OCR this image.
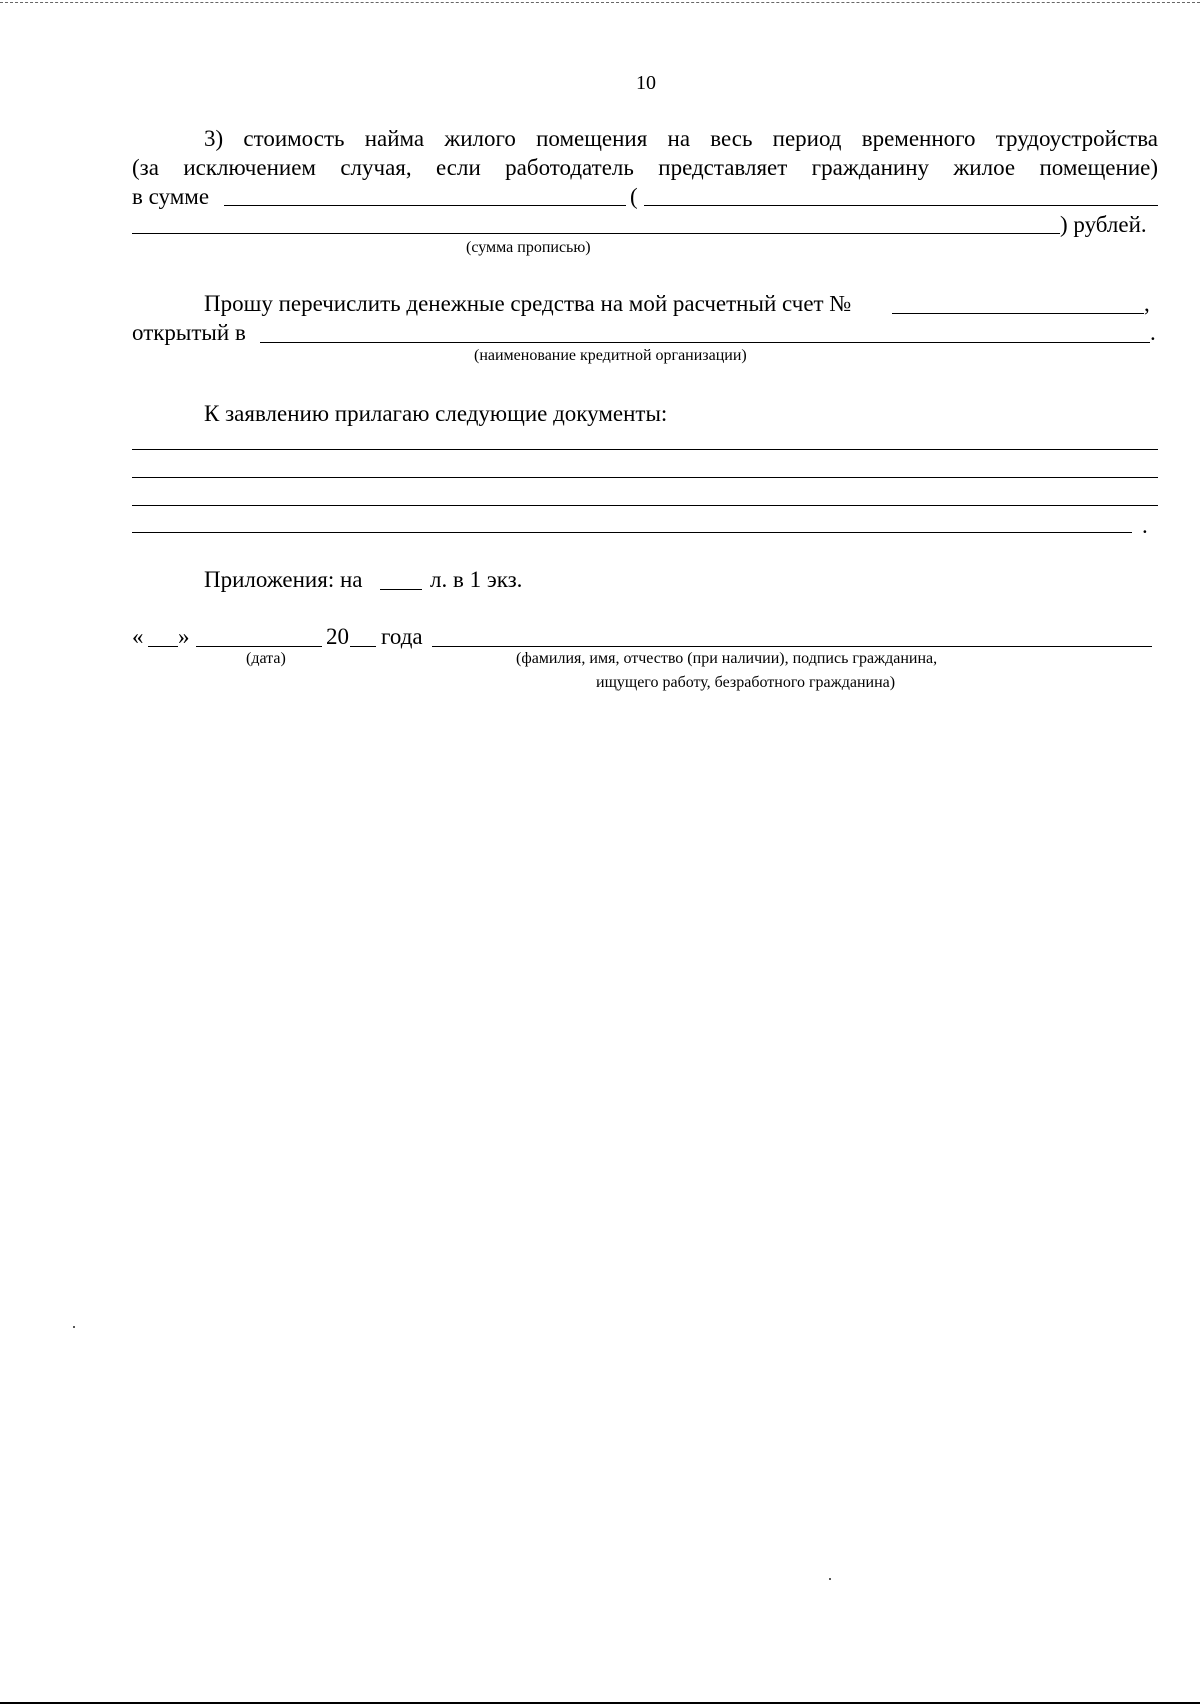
10
3) стоимость найма жилого помещения на весь период временного трудоустройства
(за исключением случая, если работодатель представляет гражданину жилое помещение)
в сумме	(
) рублей.
(сумма прописью)
Прошу перечислить денежные средства на мой расчетный счет №	,
открытый в	.
(наименование кредитной организации)
К заявлению прилагаю следующие документы:
.
Приложения: на	л. в 1 экз.
« »	20 года
(дата)	(фамилия, имя, отчество (при наличии), подпись гражданина,
ищущего работу, безработного гражданина)
